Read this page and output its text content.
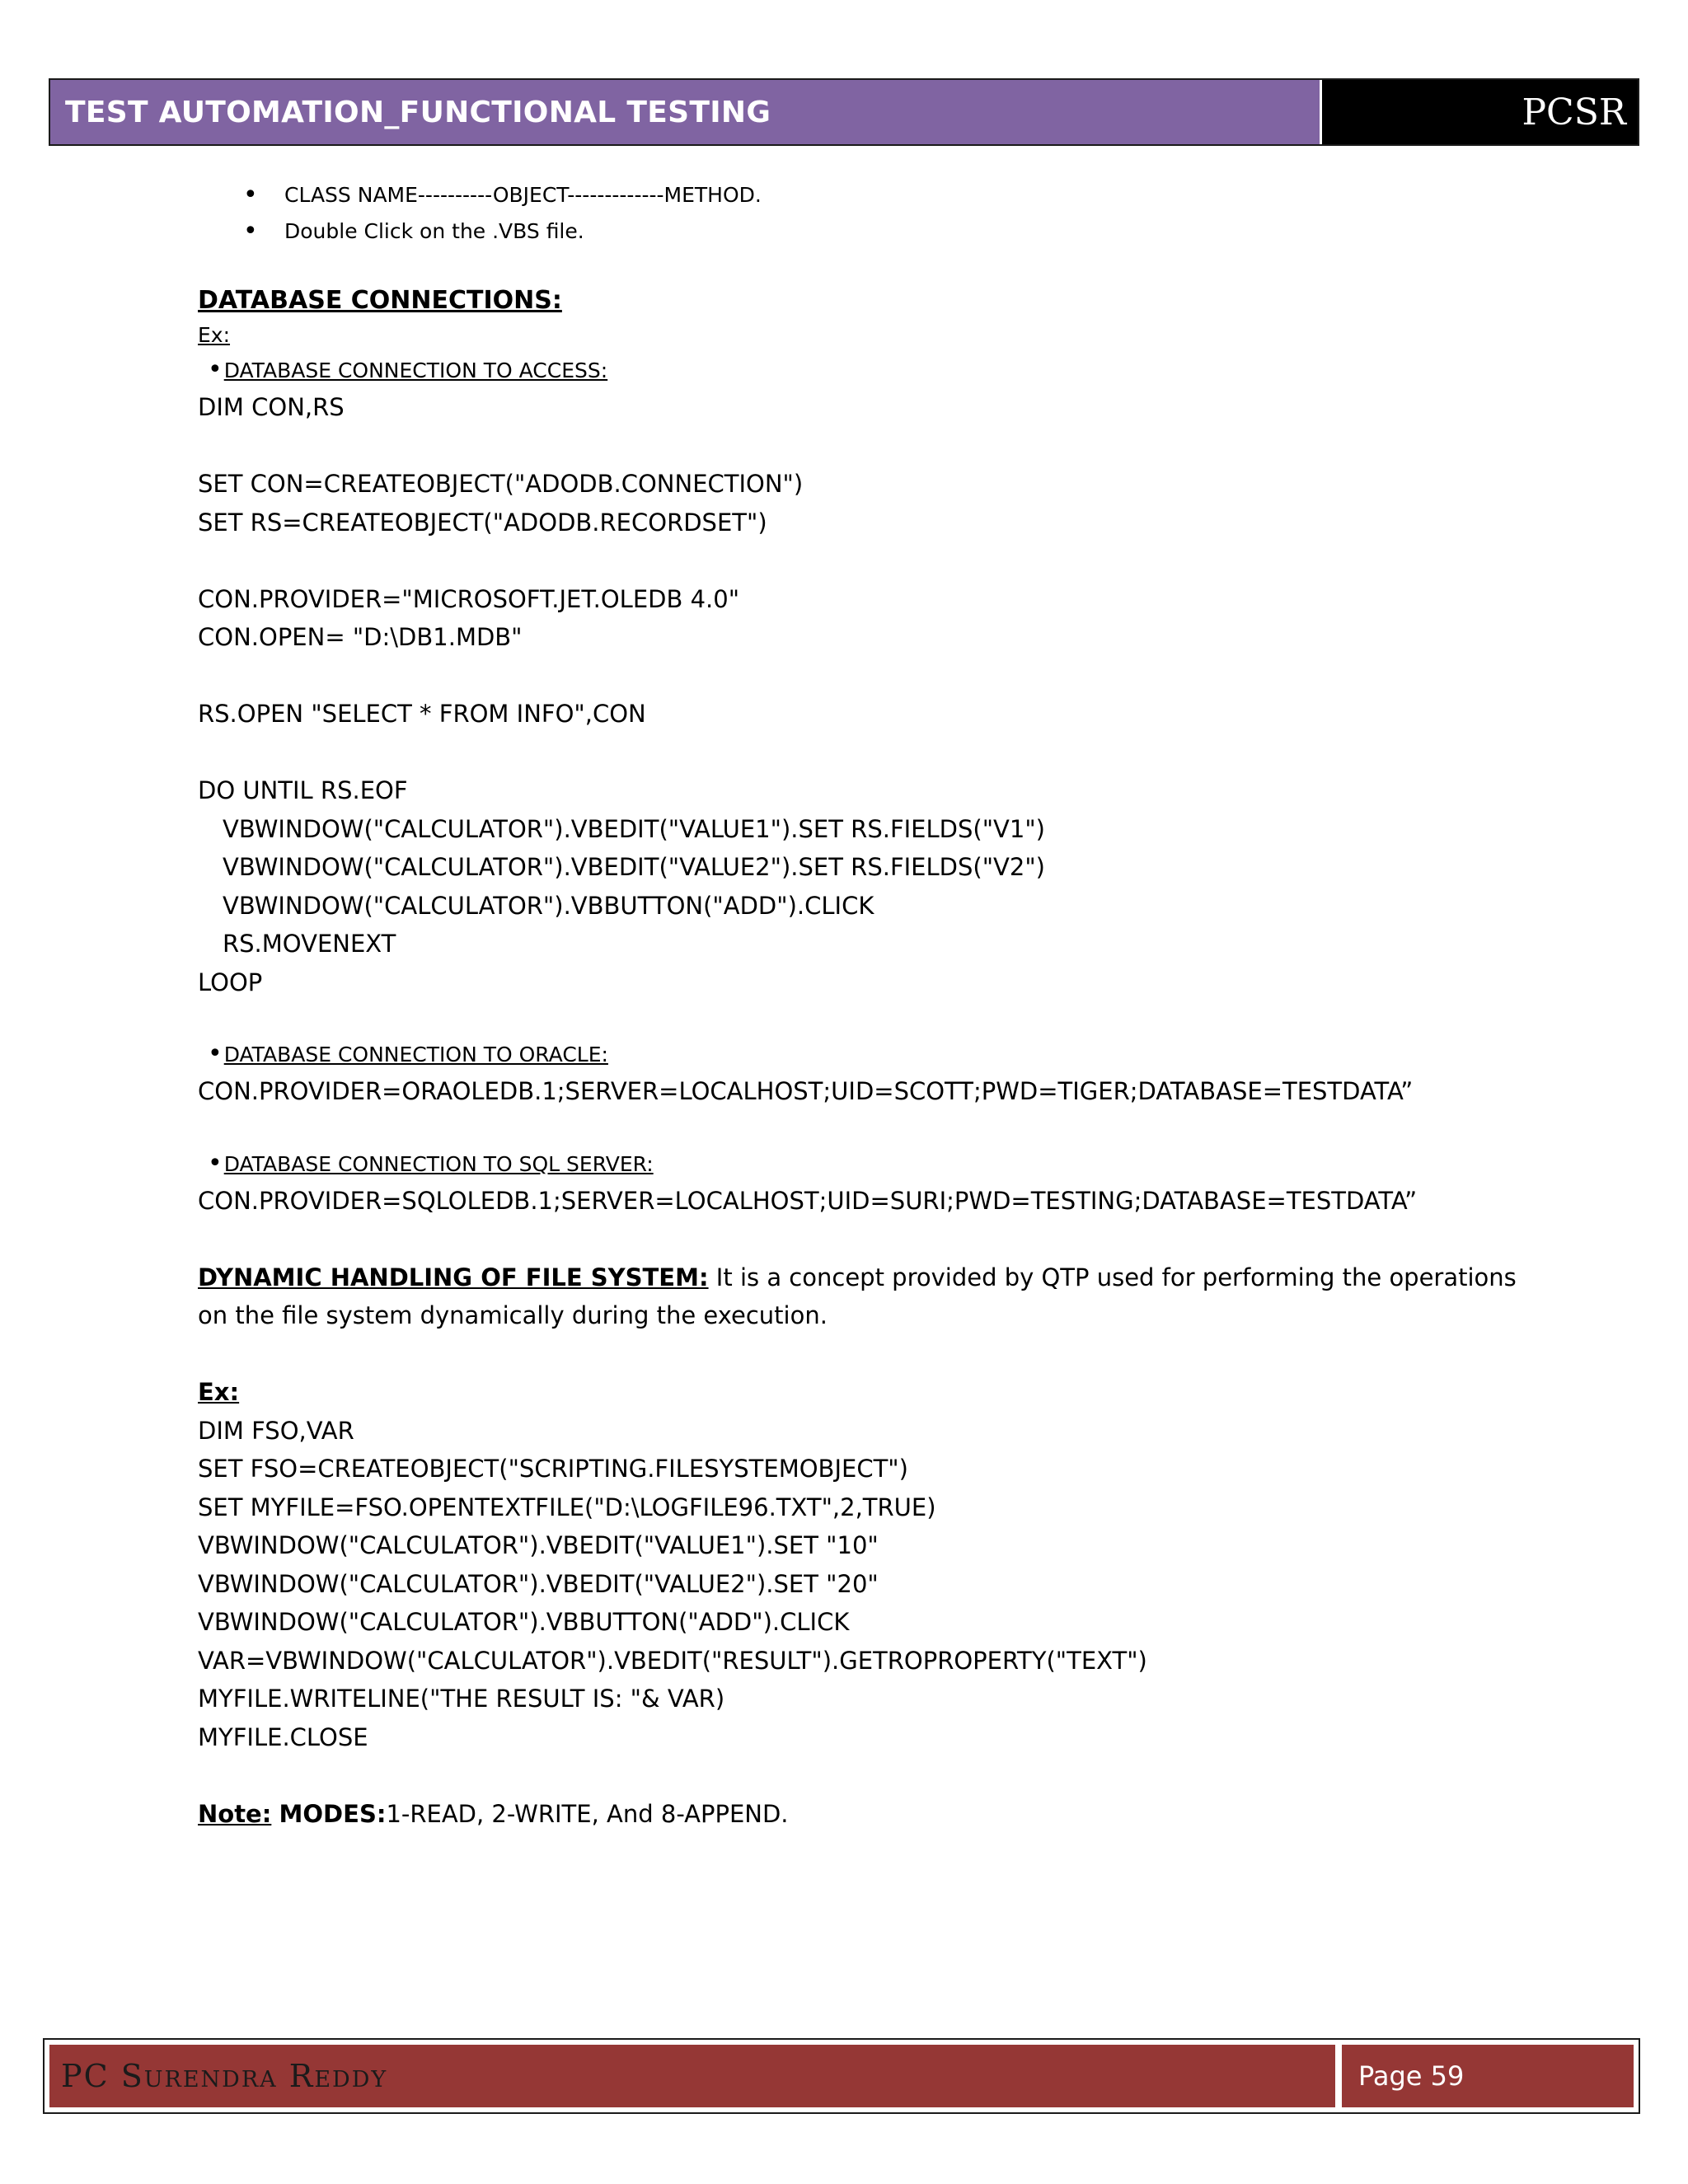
TEST AUTOMATION_FUNCTIONAL TESTING	PCSR
• CLASS NAME----------OBJECT-------------METHOD.
• Double Click on the .VBS file.
DATABASE CONNECTIONS:
Ex:
•DATABASE CONNECTION TO ACCESS:
DIM CON,RS
SET CON=CREATEOBJECT("ADODB.CONNECTION")
SET RS=CREATEOBJECT("ADODB.RECORDSET")
CON.PROVIDER="MICROSOFT.JET.OLEDB 4.0"
CON.OPEN= "D:\DB1.MDB"
RS.OPEN "SELECT * FROM INFO",CON
DO UNTIL RS.EOF
VBWINDOW("CALCULATOR").VBEDIT("VALUE1").SET RS.FIELDS("V1")
VBWINDOW("CALCULATOR").VBEDIT("VALUE2").SET RS.FIELDS("V2")
VBWINDOW("CALCULATOR").VBBUTTON("ADD").CLICK
RS.MOVENEXT
LOOP
•DATABASE CONNECTION TO ORACLE:
CON.PROVIDER=ORAOLEDB.1;SERVER=LOCALHOST;UID=SCOTT;PWD=TIGER;DATABASE=TESTDATA”
•DATABASE CONNECTION TO SQL SERVER:
CON.PROVIDER=SQLOLEDB.1;SERVER=LOCALHOST;UID=SURI;PWD=TESTING;DATABASE=TESTDATA”

DYNAMIC HANDLING OF FILE SYSTEM: It is a concept provided by QTP used for performing the operations on the file system dynamically during the execution.

Ex:
DIM FSO,VAR
SET FSO=CREATEOBJECT("SCRIPTING.FILESYSTEMOBJECT")
SET MYFILE=FSO.OPENTEXTFILE("D:\LOGFILE96.TXT",2,TRUE)
VBWINDOW("CALCULATOR").VBEDIT("VALUE1").SET "10"
VBWINDOW("CALCULATOR").VBEDIT("VALUE2").SET "20"
VBWINDOW("CALCULATOR").VBBUTTON("ADD").CLICK
VAR=VBWINDOW("CALCULATOR").VBEDIT("RESULT").GETROPROPERTY("TEXT")
MYFILE.WRITELINE("THE RESULT IS: "& VAR)
MYFILE.CLOSE

Note: MODES:1-READ, 2-WRITE, And 8-APPEND.

PC Surendra Reddy	Page 59
